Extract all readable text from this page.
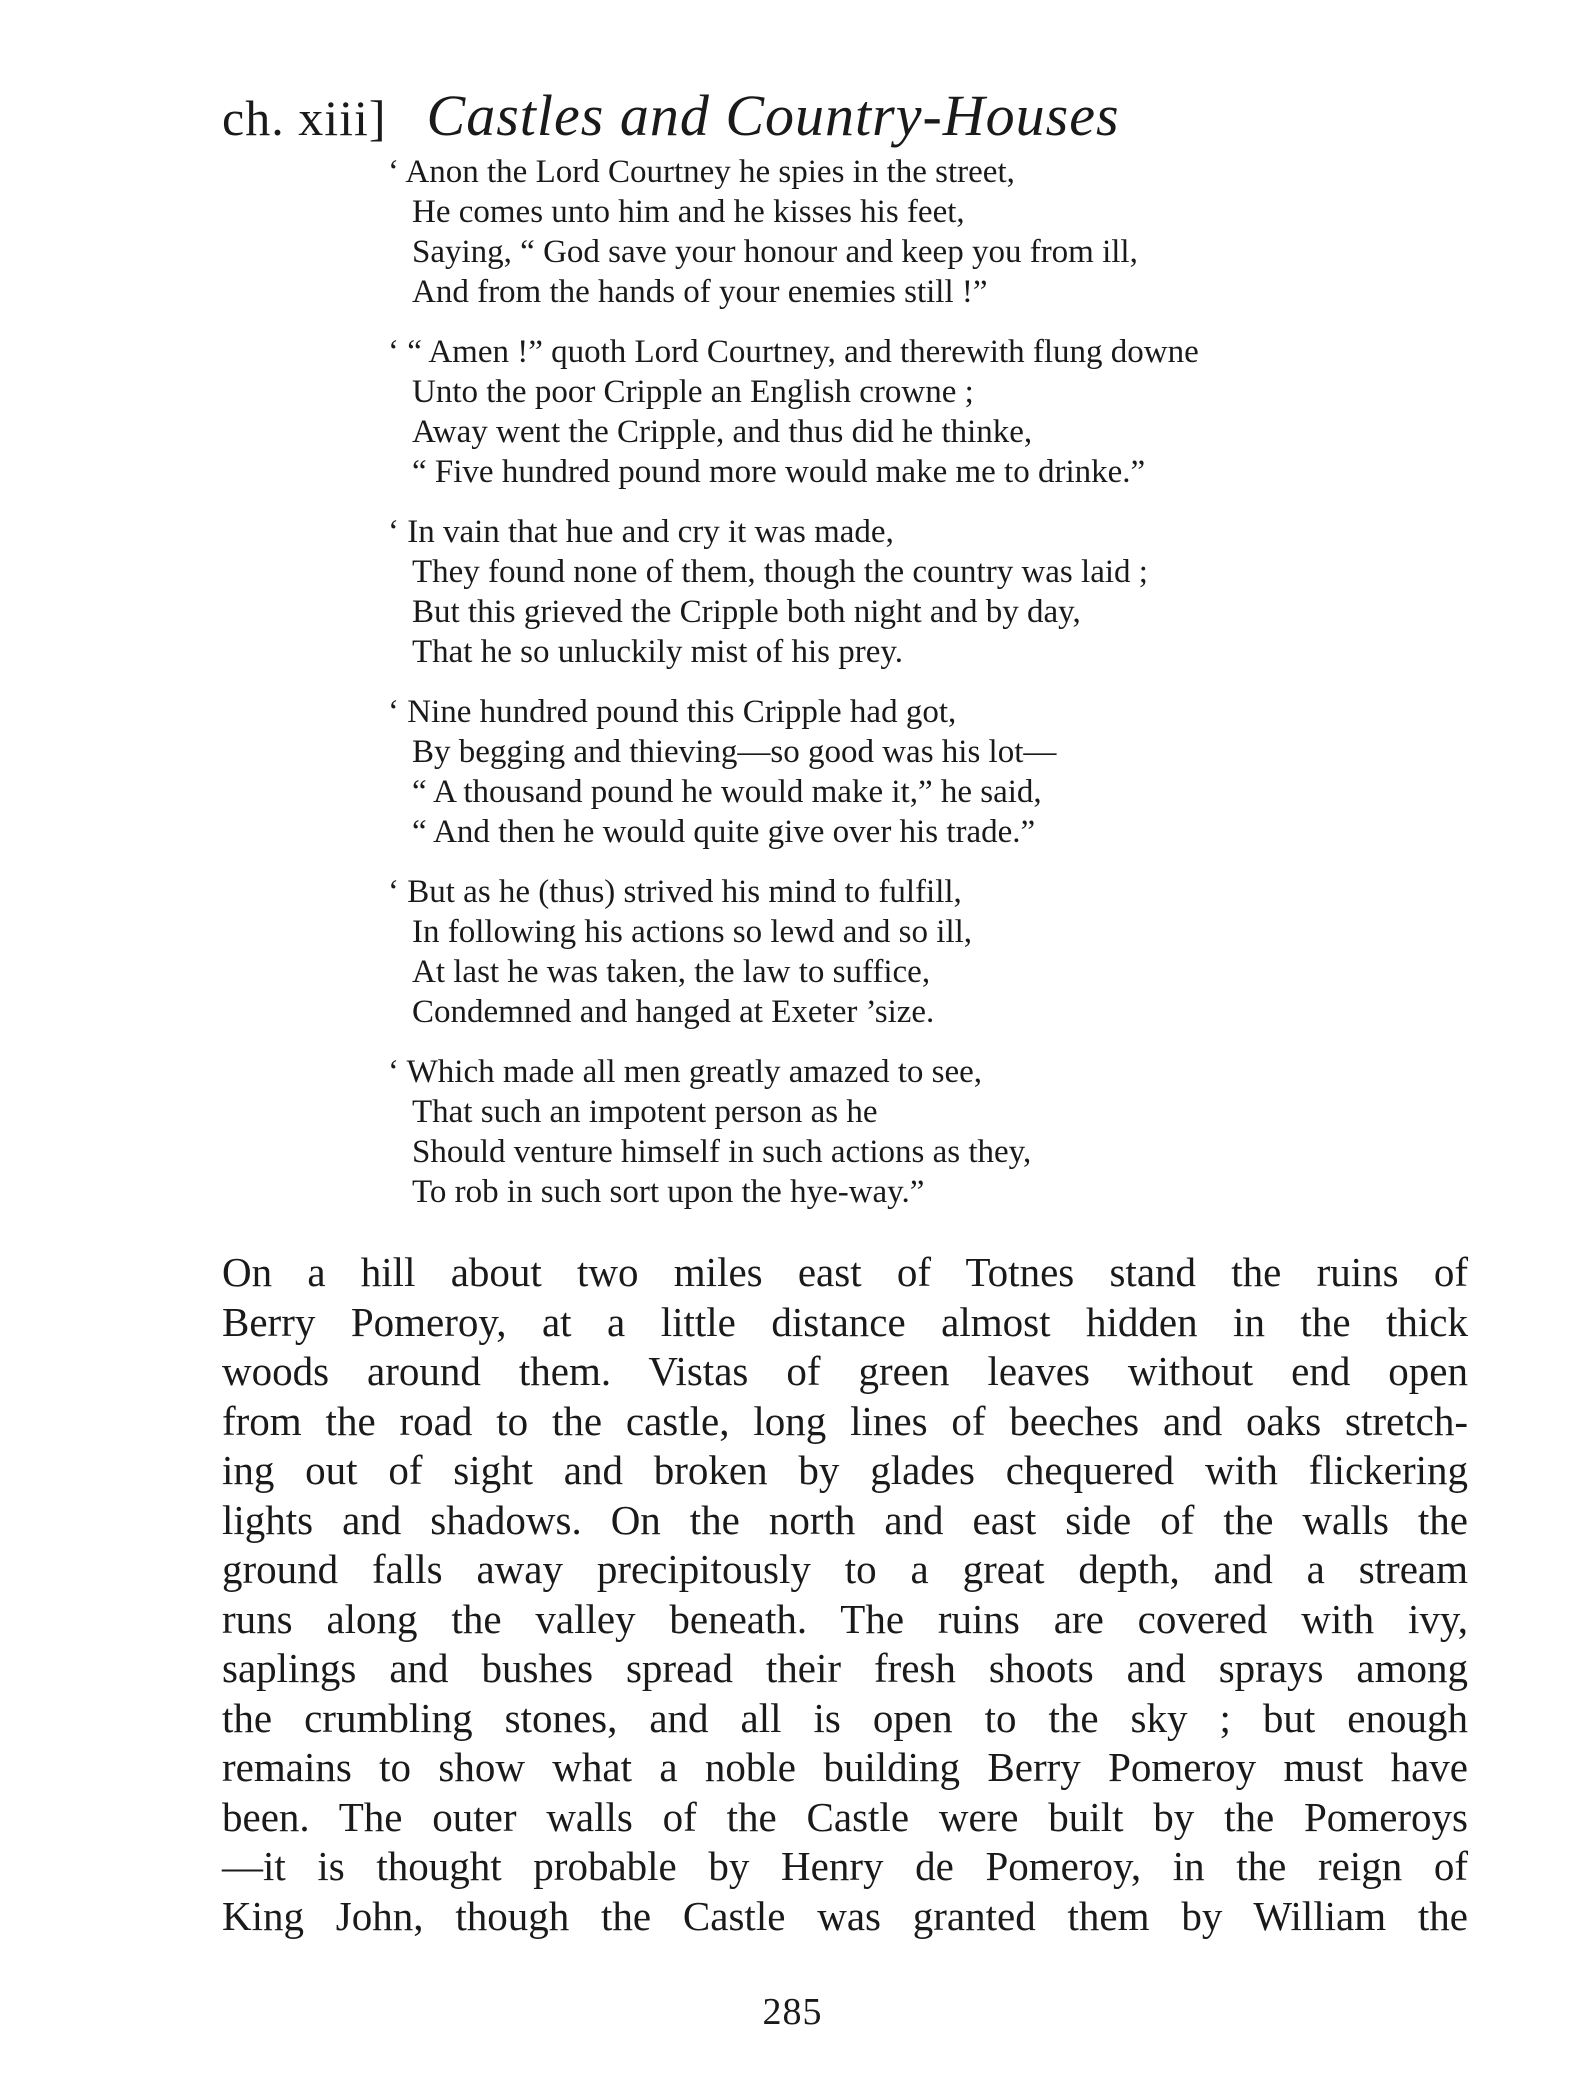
ch. xiii] Castles and Country-Houses
‘ Anon the Lord Courtney he spies in the street,
He comes unto him and he kisses his feet,
Saying, “ God save your honour and keep you from ill,
And from the hands of your enemies still !”
‘ “ Amen !” quoth Lord Courtney, and therewith flung downe
Unto the poor Cripple an English crowne ;
Away went the Cripple, and thus did he thinke,
“ Five hundred pound more would make me to drinke.”
‘ In vain that hue and cry it was made,
They found none of them, though the country was laid ;
But this grieved the Cripple both night and by day,
That he so unluckily mist of his prey.
‘ Nine hundred pound this Cripple had got,
By begging and thieving—so good was his lot—
“ A thousand pound he would make it,” he said,
“ And then he would quite give over his trade.”
‘ But as he (thus) strived his mind to fulfill,
In following his actions so lewd and so ill,
At last he was taken, the law to suffice,
Condemned and hanged at Exeter ’size.
‘ Which made all men greatly amazed to see,
That such an impotent person as he
Should venture himself in such actions as they,
To rob in such sort upon the hye-way.”
On a hill about two miles east of Totnes stand the ruins of
Berry Pomeroy, at a little distance almost hidden in the thick
woods around them. Vistas of green leaves without end open
from the road to the castle, long lines of beeches and oaks stretch-
ing out of sight and broken by glades chequered with flickering
lights and shadows. On the north and east side of the walls the
ground falls away precipitously to a great depth, and a stream
runs along the valley beneath. The ruins are covered with ivy,
saplings and bushes spread their fresh shoots and sprays among
the crumbling stones, and all is open to the sky ; but enough
remains to show what a noble building Berry Pomeroy must have
been. The outer walls of the Castle were built by the Pomeroys
—it is thought probable by Henry de Pomeroy, in the reign of
King John, though the Castle was granted them by William the
285
